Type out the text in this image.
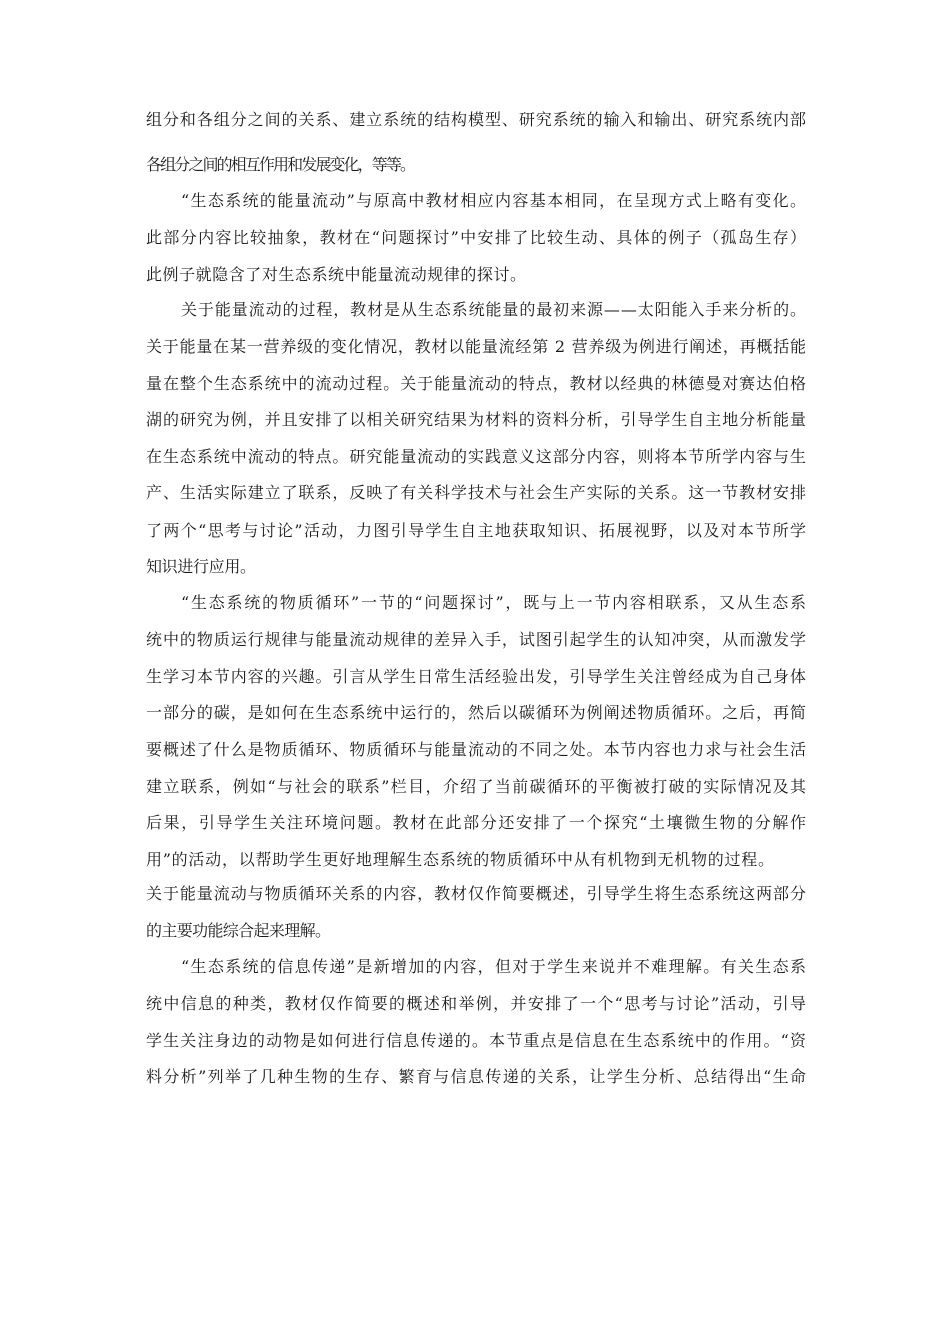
组分和各组分之间的关系、建立系统的结构模型、研究系统的输入和输出、研究系统内部
各组分之间的相互作用和发展变化，等等。
“生态系统的能量流动”与原高中教材相应内容基本相同，在呈现方式上略有变化。
此部分内容比较抽象，教材在“问题探讨”中安排了比较生动、具体的例子（孤岛生存）
此例子就隐含了对生态系统中能量流动规律的探讨。
关于能量流动的过程，教材是从生态系统能量的最初来源——太阳能入手来分析的。
关于能量在某一营养级的变化情况，教材以能量流经第 2 营养级为例进行阐述，再概括能
量在整个生态系统中的流动过程。关于能量流动的特点，教材以经典的林德曼对赛达伯格
湖的研究为例，并且安排了以相关研究结果为材料的资料分析，引导学生自主地分析能量
在生态系统中流动的特点。研究能量流动的实践意义这部分内容，则将本节所学内容与生
产、生活实际建立了联系，反映了有关科学技术与社会生产实际的关系。这一节教材安排
了两个“思考与讨论”活动，力图引导学生自主地获取知识、拓展视野，以及对本节所学
知识进行应用。
“生态系统的物质循环”一节的“问题探讨”，既与上一节内容相联系，又从生态系
统中的物质运行规律与能量流动规律的差异入手，试图引起学生的认知冲突，从而激发学
生学习本节内容的兴趣。引言从学生日常生活经验出发，引导学生关注曾经成为自己身体
一部分的碳，是如何在生态系统中运行的，然后以碳循环为例阐述物质循环。之后，再简
要概述了什么是物质循环、物质循环与能量流动的不同之处。本节内容也力求与社会生活
建立联系，例如“与社会的联系”栏目，介绍了当前碳循环的平衡被打破的实际情况及其
后果，引导学生关注环境问题。教材在此部分还安排了一个探究“土壤微生物的分解作
用”的活动，以帮助学生更好地理解生态系统的物质循环中从有机物到无机物的过程。
关于能量流动与物质循环关系的内容，教材仅作简要概述，引导学生将生态系统这两部分
的主要功能综合起来理解。
“生态系统的信息传递”是新增加的内容，但对于学生来说并不难理解。有关生态系
统中信息的种类，教材仅作简要的概述和举例，并安排了一个“思考与讨论”活动，引导
学生关注身边的动物是如何进行信息传递的。本节重点是信息在生态系统中的作用。“资
料分析”列举了几种生物的生存、繁育与信息传递的关系，让学生分析、总结得出“生命
